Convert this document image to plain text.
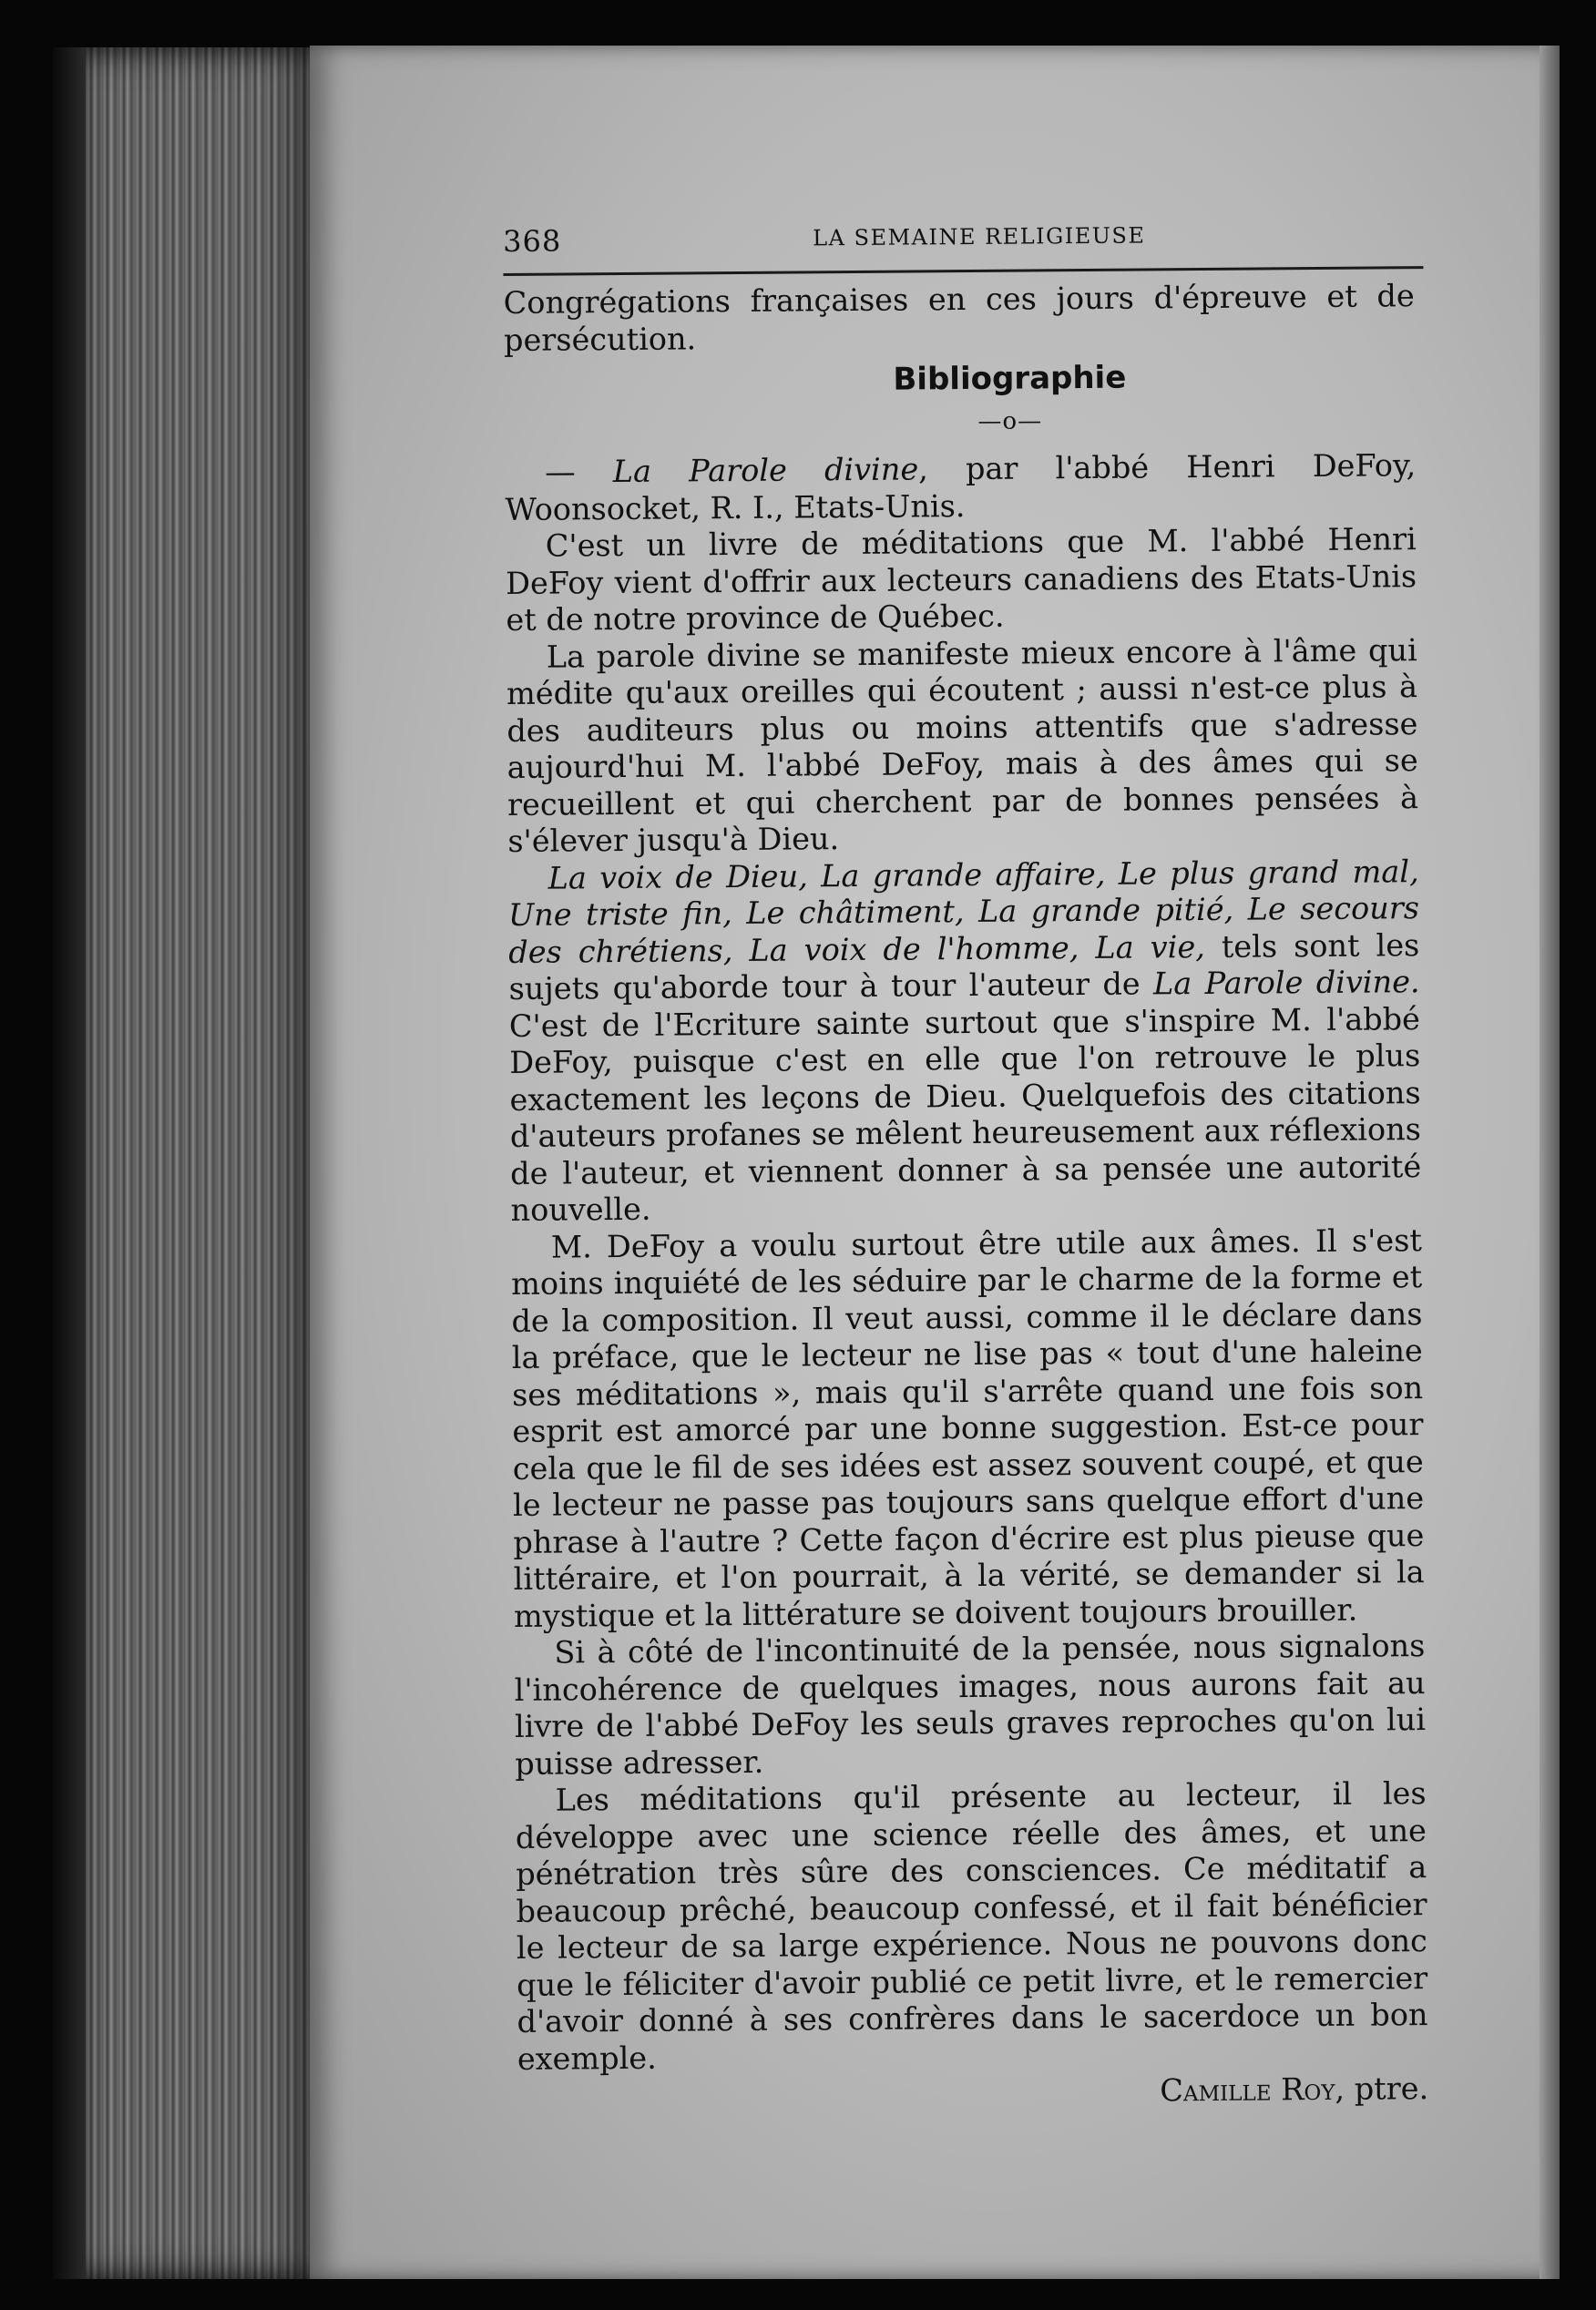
368	LA SEMAINE RELIGIEUSE

Congrégations françaises en ces jours d'épreuve et de persécution.

Bibliographie
—o—

— La Parole divine, par l'abbé Henri DeFoy, Woonsocket, R. I., Etats-Unis.

C'est un livre de méditations que M. l'abbé Henri DeFoy vient d'offrir aux lecteurs canadiens des Etats-Unis et de notre province de Québec.

La parole divine se manifeste mieux encore à l'âme qui médite qu'aux oreilles qui écoutent ; aussi n'est-ce plus à des auditeurs plus ou moins attentifs que s'adresse aujourd'hui M. l'abbé DeFoy, mais à des âmes qui se recueillent et qui cherchent par de bonnes pensées à s'élever jusqu'à Dieu.

La voix de Dieu, La grande affaire, Le plus grand mal, Une triste fin, Le châtiment, La grande pitié, Le secours des chrétiens, La voix de l'homme, La vie, tels sont les sujets qu'aborde tour à tour l'auteur de La Parole divine. C'est de l'Ecriture sainte surtout que s'inspire M. l'abbé DeFoy, puisque c'est en elle que l'on retrouve le plus exactement les leçons de Dieu. Quelquefois des citations d'auteurs profanes se mêlent heureusement aux réflexions de l'auteur, et viennent donner à sa pensée une autorité nouvelle.

M. DeFoy a voulu surtout être utile aux âmes. Il s'est moins inquiété de les séduire par le charme de la forme et de la composition. Il veut aussi, comme il le déclare dans la préface, que le lecteur ne lise pas « tout d'une haleine ses méditations », mais qu'il s'arrête quand une fois son esprit est amorcé par une bonne suggestion. Est-ce pour cela que le fil de ses idées est assez souvent coupé, et que le lecteur ne passe pas toujours sans quelque effort d'une phrase à l'autre ? Cette façon d'écrire est plus pieuse que littéraire, et l'on pourrait, à la vérité, se demander si la mystique et la littérature se doivent toujours brouiller.

Si à côté de l'incontinuité de la pensée, nous signalons l'incohérence de quelques images, nous aurons fait au livre de l'abbé DeFoy les seuls graves reproches qu'on lui puisse adresser.

Les méditations qu'il présente au lecteur, il les développe avec une science réelle des âmes, et une pénétration très sûre des consciences. Ce méditatif a beaucoup prêché, beaucoup confessé, et il fait bénéficier le lecteur de sa large expérience. Nous ne pouvons donc que le féliciter d'avoir publié ce petit livre, et le remercier d'avoir donné à ses confrères dans le sacerdoce un bon exemple.

Camille Roy, ptre.
